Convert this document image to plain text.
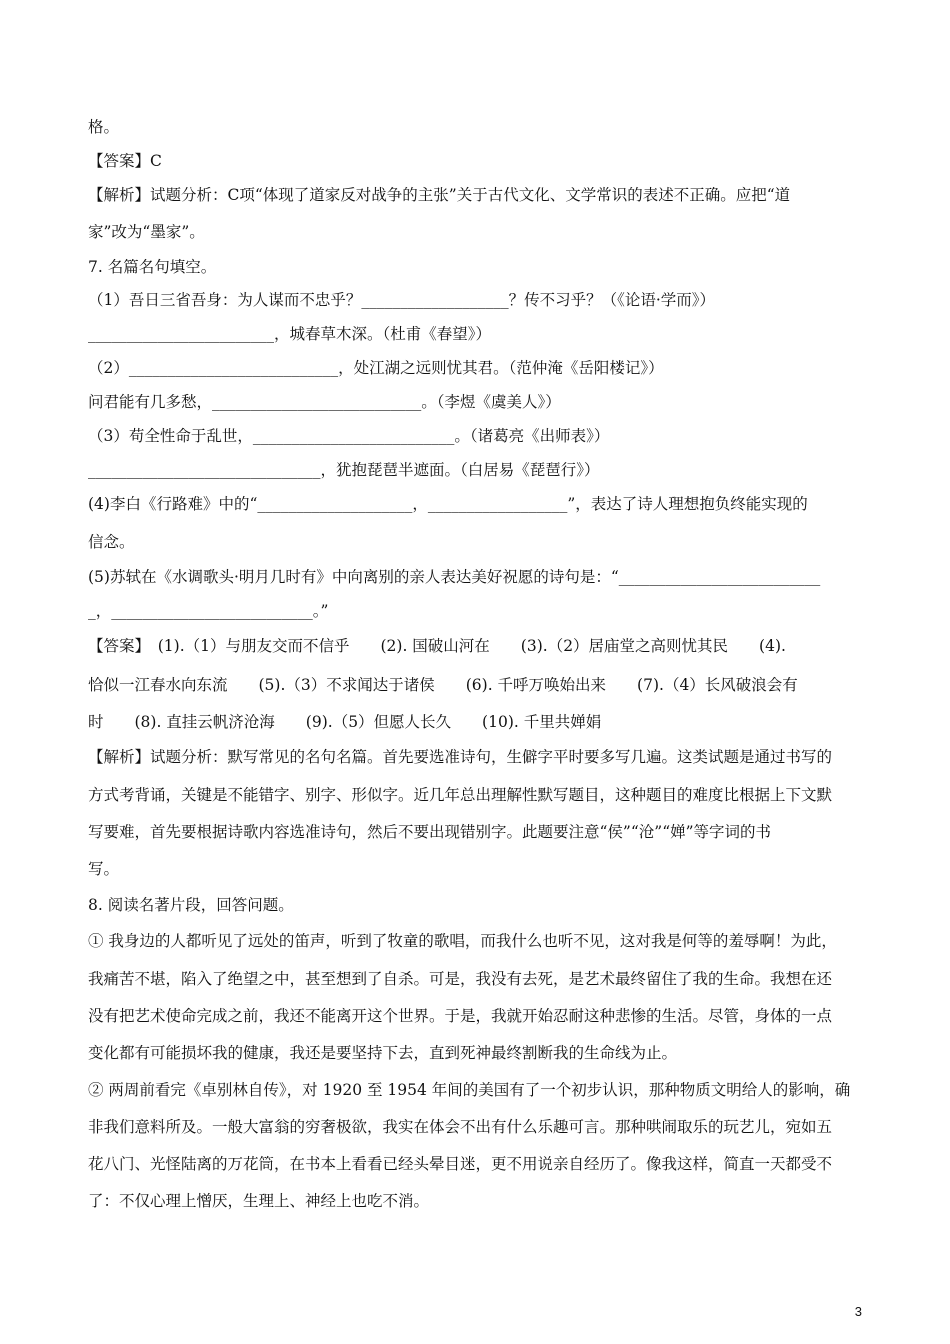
格。
【答案】C
【解析】试题分析：C项“体现了道家反对战争的主张”关于古代文化、文学常识的表述不正确。应把“道
家”改为“墨家”。
7. 名篇名句填空。
（1）吾日三省吾身：为人谋而不忠乎？___________________？传不习乎？（《论语·学而》）
________________________，城春草木深。（杜甫《春望》）
（2）___________________________，处江湖之远则忧其君。（范仲淹《岳阳楼记》）
问君能有几多愁，___________________________。（李煜《虞美人》）
（3）苟全性命于乱世，__________________________。（诸葛亮《出师表》）
______________________________，犹抱琵琶半遮面。（白居易《琵琶行》）
(4)李白《行路难》中的“____________________，__________________”，表达了诗人理想抱负终能实现的
信念。
(5)苏轼在《水调歌头·明月几时有》中向离别的亲人表达美好祝愿的诗句是：“__________________________
_，__________________________。”
【答案】　(1).（1）与朋友交而不信乎　　(2). 国破山河在　　(3).（2）居庙堂之高则忧其民　　(4).
恰似一江春水向东流　　(5).（3）不求闻达于诸侯　　(6). 千呼万唤始出来　　(7).（4）长风破浪会有
时　　(8). 直挂云帆济沧海　　(9).（5）但愿人长久　　(10). 千里共婵娟
【解析】试题分析：默写常见的名句名篇。首先要选准诗句，生僻字平时要多写几遍。这类试题是通过书写的
方式考背诵，关键是不能错字、别字、形似字。近几年总出理解性默写题目，这种题目的难度比根据上下文默
写要难，首先要根据诗歌内容选准诗句，然后不要出现错别字。此题要注意“侯”“沧”“婵”等字词的书
写。
8. 阅读名著片段，回答问题。
① 我身边的人都听见了远处的笛声，听到了牧童的歌唱，而我什么也听不见，这对我是何等的羞辱啊！为此，
我痛苦不堪，陷入了绝望之中，甚至想到了自杀。可是，我没有去死，是艺术最终留住了我的生命。我想在还
没有把艺术使命完成之前，我还不能离开这个世界。于是，我就开始忍耐这种悲惨的生活。尽管，身体的一点
变化都有可能损坏我的健康，我还是要坚持下去，直到死神最终割断我的生命线为止。
② 两周前看完《卓别林自传》，对 1920 至 1954 年间的美国有了一个初步认识，那种物质文明给人的影响，确
非我们意料所及。一般大富翁的穷奢极欲，我实在体会不出有什么乐趣可言。那种哄闹取乐的玩艺儿，宛如五
花八门、光怪陆离的万花筒，在书本上看看已经头晕目迷，更不用说亲自经历了。像我这样，简直一天都受不
了：不仅心理上憎厌，生理上、神经上也吃不消。
3
